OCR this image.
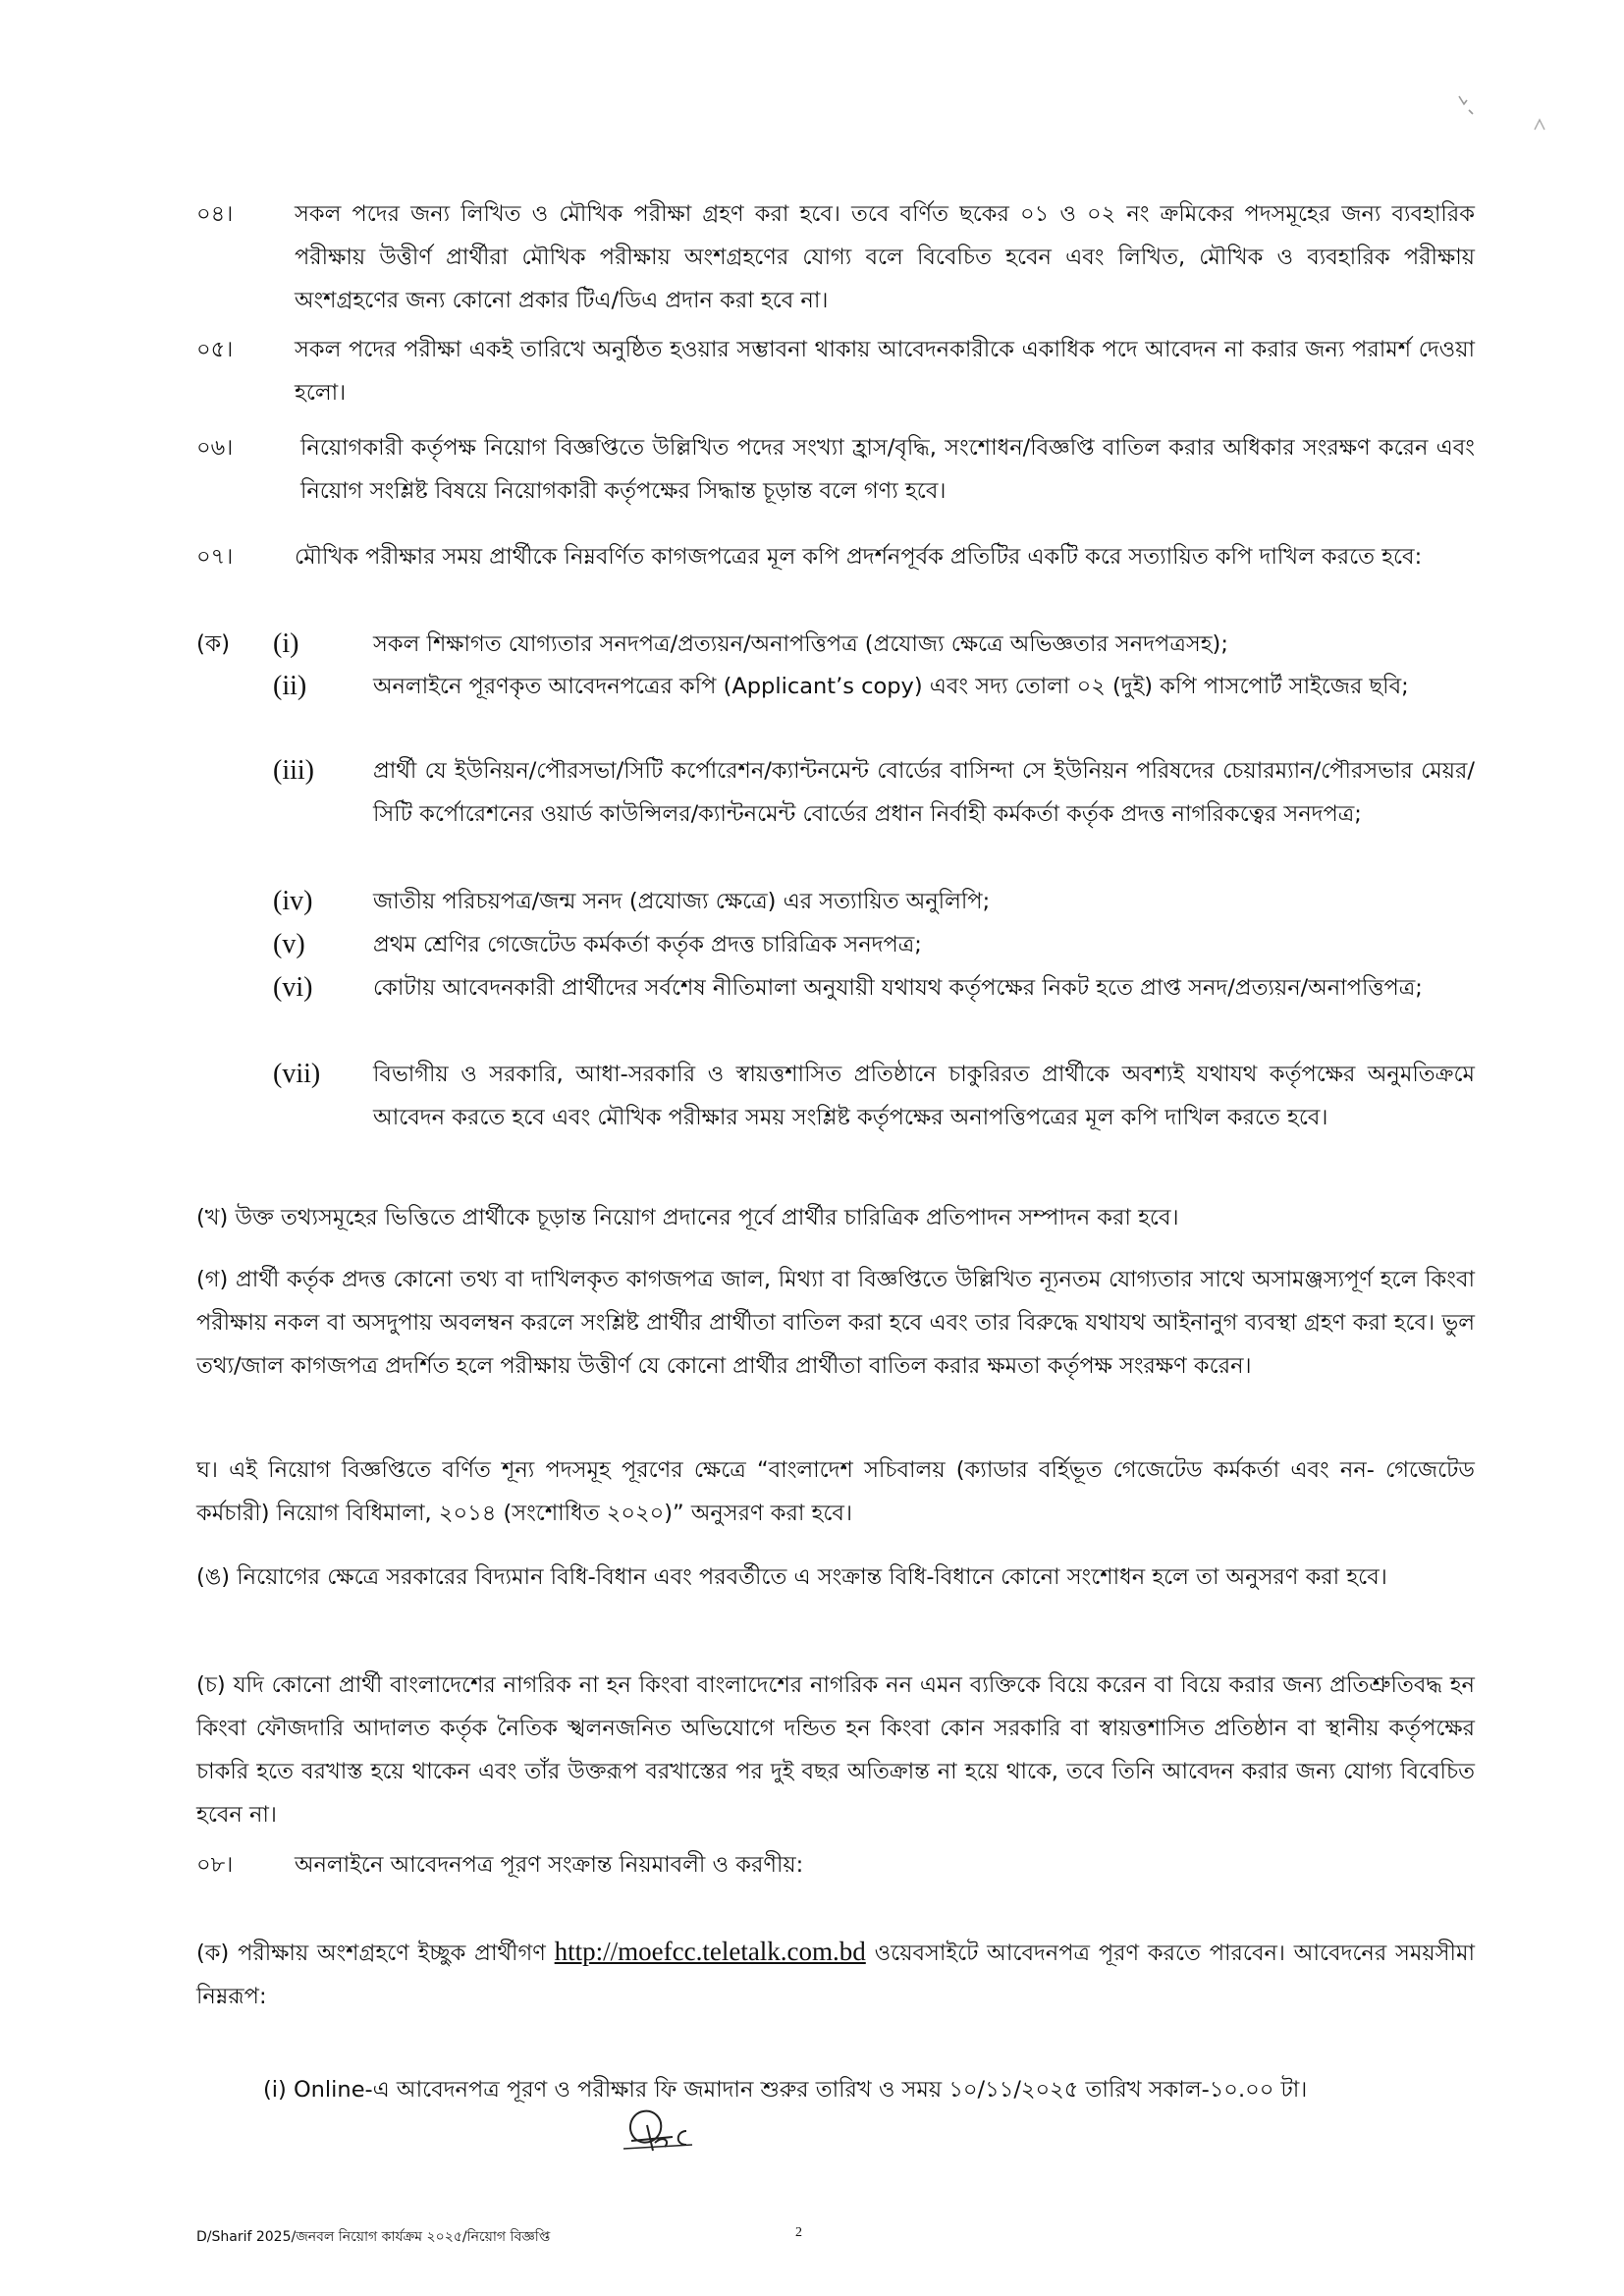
০৪।	সকল পদের জন্য লিখিত ও মৌখিক পরীক্ষা গ্রহণ করা হবে। তবে বর্ণিত ছকের ০১ ও ০২ নং ক্রমিকের পদসমূহের জন্য ব্যবহারিক পরীক্ষায় উত্তীর্ণ প্রার্থীরা মৌখিক পরীক্ষায় অংশগ্রহণের যোগ্য বলে বিবেচিত হবেন এবং লিখিত, মৌখিক ও ব্যবহারিক পরীক্ষায় অংশগ্রহণের জন্য কোনো প্রকার টিএ/ডিএ প্রদান করা হবে না।
০৫।	সকল পদের পরীক্ষা একই তারিখে অনুষ্ঠিত হওয়ার সম্ভাবনা থাকায় আবেদনকারীকে একাধিক পদে আবেদন না করার জন্য পরামর্শ দেওয়া হলো।
০৬।	নিয়োগকারী কর্তৃপক্ষ নিয়োগ বিজ্ঞপ্তিতে উল্লিখিত পদের সংখ্যা হ্রাস/বৃদ্ধি, সংশোধন/বিজ্ঞপ্তি বাতিল করার অধিকার সংরক্ষণ করেন এবং নিয়োগ সংশ্লিষ্ট বিষয়ে নিয়োগকারী কর্তৃপক্ষের সিদ্ধান্ত চূড়ান্ত বলে গণ্য হবে।
০৭।	মৌখিক পরীক্ষার সময় প্রার্থীকে নিম্নবর্ণিত কাগজপত্রের মূল কপি প্রদর্শনপূর্বক প্রতিটির একটি করে সত্যায়িত কপি দাখিল করতে হবে:
(ক) (i)	সকল শিক্ষাগত যোগ্যতার সনদপত্র/প্রত্যয়ন/অনাপত্তিপত্র (প্রযোজ্য ক্ষেত্রে অভিজ্ঞতার সনদপত্রসহ);
(ii)	অনলাইনে পূরণকৃত আবেদনপত্রের কপি (Applicant’s copy) এবং সদ্য তোলা ০২ (দুই) কপি পাসপোর্ট সাইজের ছবি;
(iii)	প্রার্থী যে ইউনিয়ন/পৌরসভা/সিটি কর্পোরেশন/ক্যান্টনমেন্ট বোর্ডের বাসিন্দা সে ইউনিয়ন পরিষদের চেয়ারম্যান/পৌরসভার মেয়র/সিটি কর্পোরেশনের ওয়ার্ড কাউন্সিলর/ক্যান্টনমেন্ট বোর্ডের প্রধান নির্বাহী কর্মকর্তা কর্তৃক প্রদত্ত নাগরিকত্বের সনদপত্র;
(iv)	জাতীয় পরিচয়পত্র/জন্ম সনদ (প্রযোজ্য ক্ষেত্রে) এর সত্যায়িত অনুলিপি;
(v)	প্রথম শ্রেণির গেজেটেড কর্মকর্তা কর্তৃক প্রদত্ত চারিত্রিক সনদপত্র;
(vi)	কোটায় আবেদনকারী প্রার্থীদের সর্বশেষ নীতিমালা অনুযায়ী যথাযথ কর্তৃপক্ষের নিকট হতে প্রাপ্ত সনদ/প্রত্যয়ন/অনাপত্তিপত্র;
(vii) বিভাগীয় ও সরকারি, আধা-সরকারি ও স্বায়ত্তশাসিত প্রতিষ্ঠানে চাকুরিরত প্রার্থীকে অবশ্যই যথাযথ কর্তৃপক্ষের অনুমতিক্রমে আবেদন করতে হবে এবং মৌখিক পরীক্ষার সময় সংশ্লিষ্ট কর্তৃপক্ষের অনাপত্তিপত্রের মূল কপি দাখিল করতে হবে।
(খ) উক্ত তথ্যসমূহের ভিত্তিতে প্রার্থীকে চূড়ান্ত নিয়োগ প্রদানের পূর্বে প্রার্থীর চারিত্রিক প্রতিপাদন সম্পাদন করা হবে।
(গ) প্রার্থী কর্তৃক প্রদত্ত কোনো তথ্য বা দাখিলকৃত কাগজপত্র জাল, মিথ্যা বা বিজ্ঞপ্তিতে উল্লিখিত ন্যূনতম যোগ্যতার সাথে অসামঞ্জস্যপূর্ণ হলে কিংবা পরীক্ষায় নকল বা অসদুপায় অবলম্বন করলে সংশ্লিষ্ট প্রার্থীর প্রার্থীতা বাতিল করা হবে এবং তার বিরুদ্ধে যথাযথ আইনানুগ ব্যবস্থা গ্রহণ করা হবে। ভুল তথ্য/জাল কাগজপত্র প্রদর্শিত হলে পরীক্ষায় উত্তীর্ণ যে কোনো প্রার্থীর প্রার্থীতা বাতিল করার ক্ষমতা কর্তৃপক্ষ সংরক্ষণ করেন।
ঘ। এই নিয়োগ বিজ্ঞপ্তিতে বর্ণিত শূন্য পদসমূহ পূরণের ক্ষেত্রে “বাংলাদেশ সচিবালয় (ক্যাডার বর্হিভূত গেজেটেড কর্মকর্তা এবং নন- গেজেটেড কর্মচারী) নিয়োগ বিধিমালা, ২০১৪ (সংশোধিত ২০২০)” অনুসরণ করা হবে।
(ঙ) নিয়োগের ক্ষেত্রে সরকারের বিদ্যমান বিধি-বিধান এবং পরবর্তীতে এ সংক্রান্ত বিধি-বিধানে কোনো সংশোধন হলে তা অনুসরণ করা হবে।
(চ) যদি কোনো প্রার্থী বাংলাদেশের নাগরিক না হন কিংবা বাংলাদেশের নাগরিক নন এমন ব্যক্তিকে বিয়ে করেন বা বিয়ে করার জন্য প্রতিশ্রুতিবদ্ধ হন কিংবা ফৌজদারি আদালত কর্তৃক নৈতিক স্খলনজনিত অভিযোগে দন্ডিত হন কিংবা কোন সরকারি বা স্বায়ত্তশাসিত প্রতিষ্ঠান বা স্থানীয় কর্তৃপক্ষের চাকরি হতে বরখাস্ত হয়ে থাকেন এবং তাঁর উক্তরূপ বরখাস্তের পর দুই বছর অতিক্রান্ত না হয়ে থাকে, তবে তিনি আবেদন করার জন্য যোগ্য বিবেচিত হবেন না।
০৮।	অনলাইনে আবেদনপত্র পূরণ সংক্রান্ত নিয়মাবলী ও করণীয়:
(ক) পরীক্ষায় অংশগ্রহণে ইচ্ছুক প্রার্থীগণ http://moefcc.teletalk.com.bd ওয়েবসাইটে আবেদনপত্র পূরণ করতে পারবেন। আবেদনের সময়সীমা নিম্নরূপ:
(i) Online-এ আবেদনপত্র পূরণ ও পরীক্ষার ফি জমাদান শুরুর তারিখ ও সময় ১০/১১/২০২৫ তারিখ সকাল-১০.০০ টা।
D/Sharif 2025/জনবল নিয়োগ কার্যক্রম ২০২৫/নিয়োগ বিজ্ঞপ্তি	2
